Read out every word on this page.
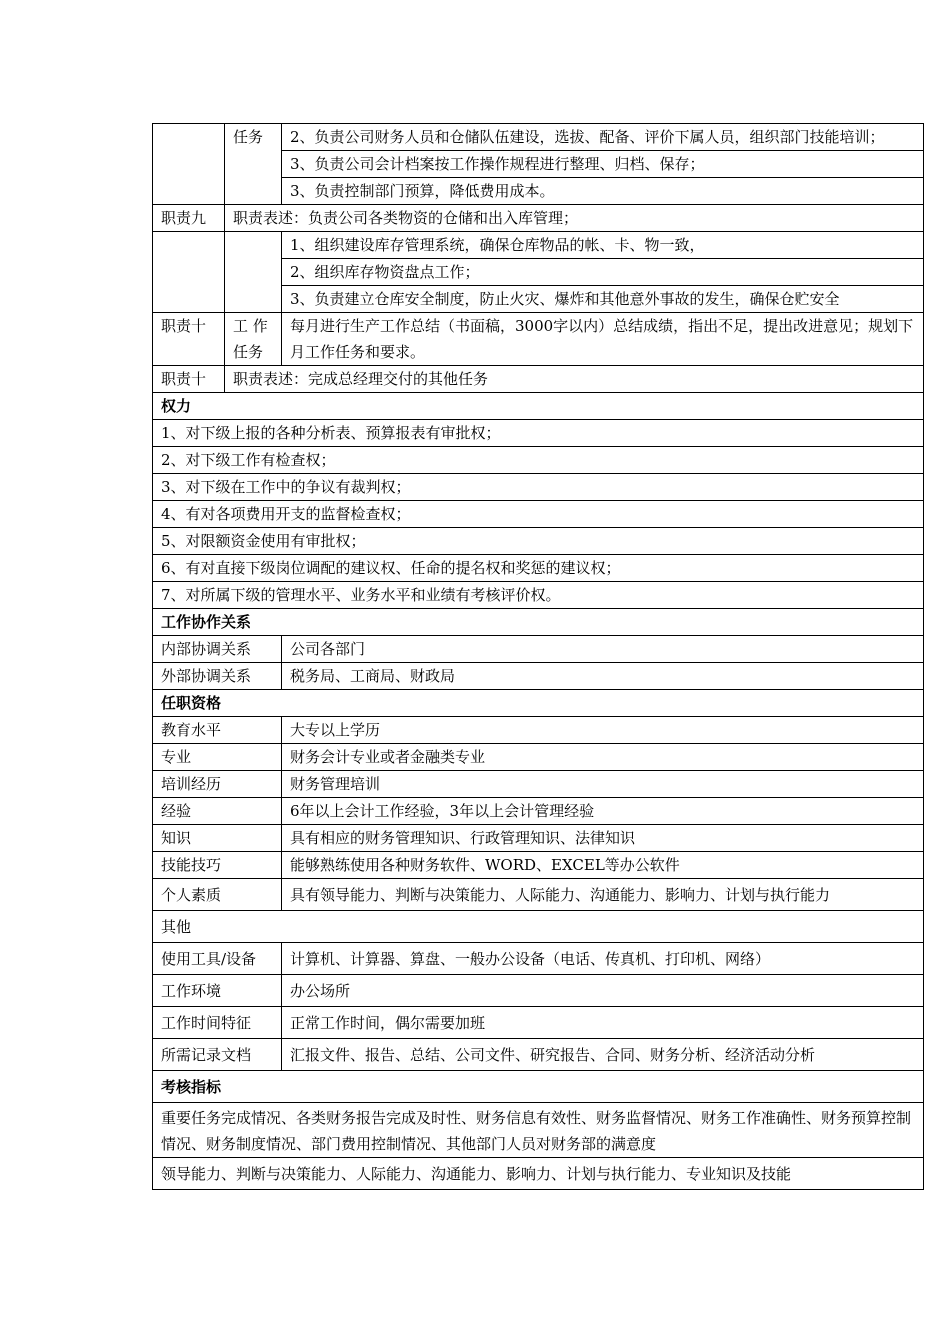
	任务	2、负责公司财务人员和仓储队伍建设，选拔、配备、评价下属人员，组织部门技能培训；
		3、负责公司会计档案按工作操作规程进行整理、归档、保存；
		3、负责控制部门预算，降低费用成本。
职责九	职责表述：负责公司各类物资的仓储和出入库管理；	
		1、组织建设库存管理系统，确保仓库物品的帐、卡、物一致，
		2、组织库存物资盘点工作；
		3、负责建立仓库安全制度，防止火灾、爆炸和其他意外事故的发生，确保仓贮安全
职责十	工 作任务	每月进行生产工作总结（书面稿，3000字以内）总结成绩，指出不足，提出改进意见；规划下月工作任务和要求。
职责十	职责表述：完成总经理交付的其他任务	
权力		
1、对下级上报的各种分析表、预算报表有审批权；		
2、对下级工作有检查权；		
3、对下级在工作中的争议有裁判权；		
4、有对各项费用开支的监督检查权；		
5、对限额资金使用有审批权；		
6、有对直接下级岗位调配的建议权、任命的提名权和奖惩的建议权；		
7、对所属下级的管理水平、业务水平和业绩有考核评价权。		
工作协作关系		
内部协调关系		公司各部门
外部协调关系		税务局、工商局、财政局
任职资格		
教育水平		大专以上学历
专业		财务会计专业或者金融类专业
培训经历		财务管理培训
经验		6年以上会计工作经验，3年以上会计管理经验
知识		具有相应的财务管理知识、行政管理知识、法律知识
技能技巧		能够熟练使用各种财务软件、WORD、EXCEL等办公软件
个人素质		具有领导能力、判断与决策能力、人际能力、沟通能力、影响力、计划与执行能力
其他		
使用工具/设备		计算机、计算器、算盘、一般办公设备（电话、传真机、打印机、网络）
工作环境		办公场所
工作时间特征		正常工作时间，偶尔需要加班
所需记录文档		汇报文件、报告、总结、公司文件、研究报告、合同、财务分析、经济活动分析
考核指标		
重要任务完成情况、各类财务报告完成及时性、财务信息有效性、财务监督情况、财务工作准确性、财务预算控制情况、财务制度情况、部门费用控制情况、其他部门人员对财务部的满意度		
领导能力、判断与决策能力、人际能力、沟通能力、影响力、计划与执行能力、专业知识及技能		
